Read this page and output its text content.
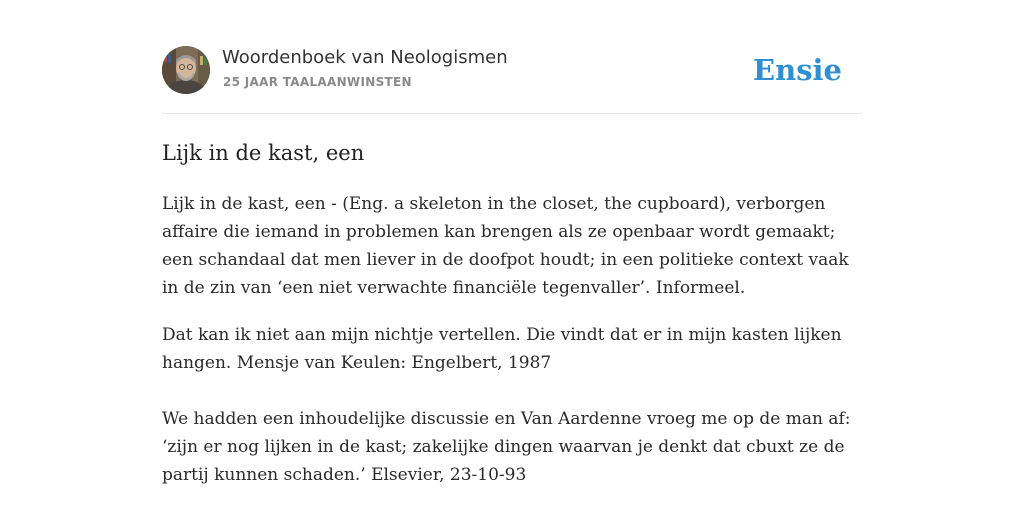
Woordenboek van Neologismen
25 JAAR TAALAANWINSTEN	Ensie
Lijk in de kast, een

Lijk in de kast, een - (Eng. a skeleton in the closet, the cupboard), verborgen affaire die iemand in problemen kan brengen als ze openbaar wordt gemaakt; een schandaal dat men liever in de doofpot houdt; in een politieke context vaak in de zin van ‘een niet verwachte financiële tegenvaller’. Informeel.

Dat kan ik niet aan mijn nichtje vertellen. Die vindt dat er in mijn kasten lijken hangen. Mensje van Keulen: Engelbert, 1987

We hadden een inhoudelijke discussie en Van Aardenne vroeg me op de man af: ‘zijn er nog lijken in de kast; zakelijke dingen waarvan je denkt dat cbuxt ze de partij kunnen schaden.’ Elsevier, 23-10-93
